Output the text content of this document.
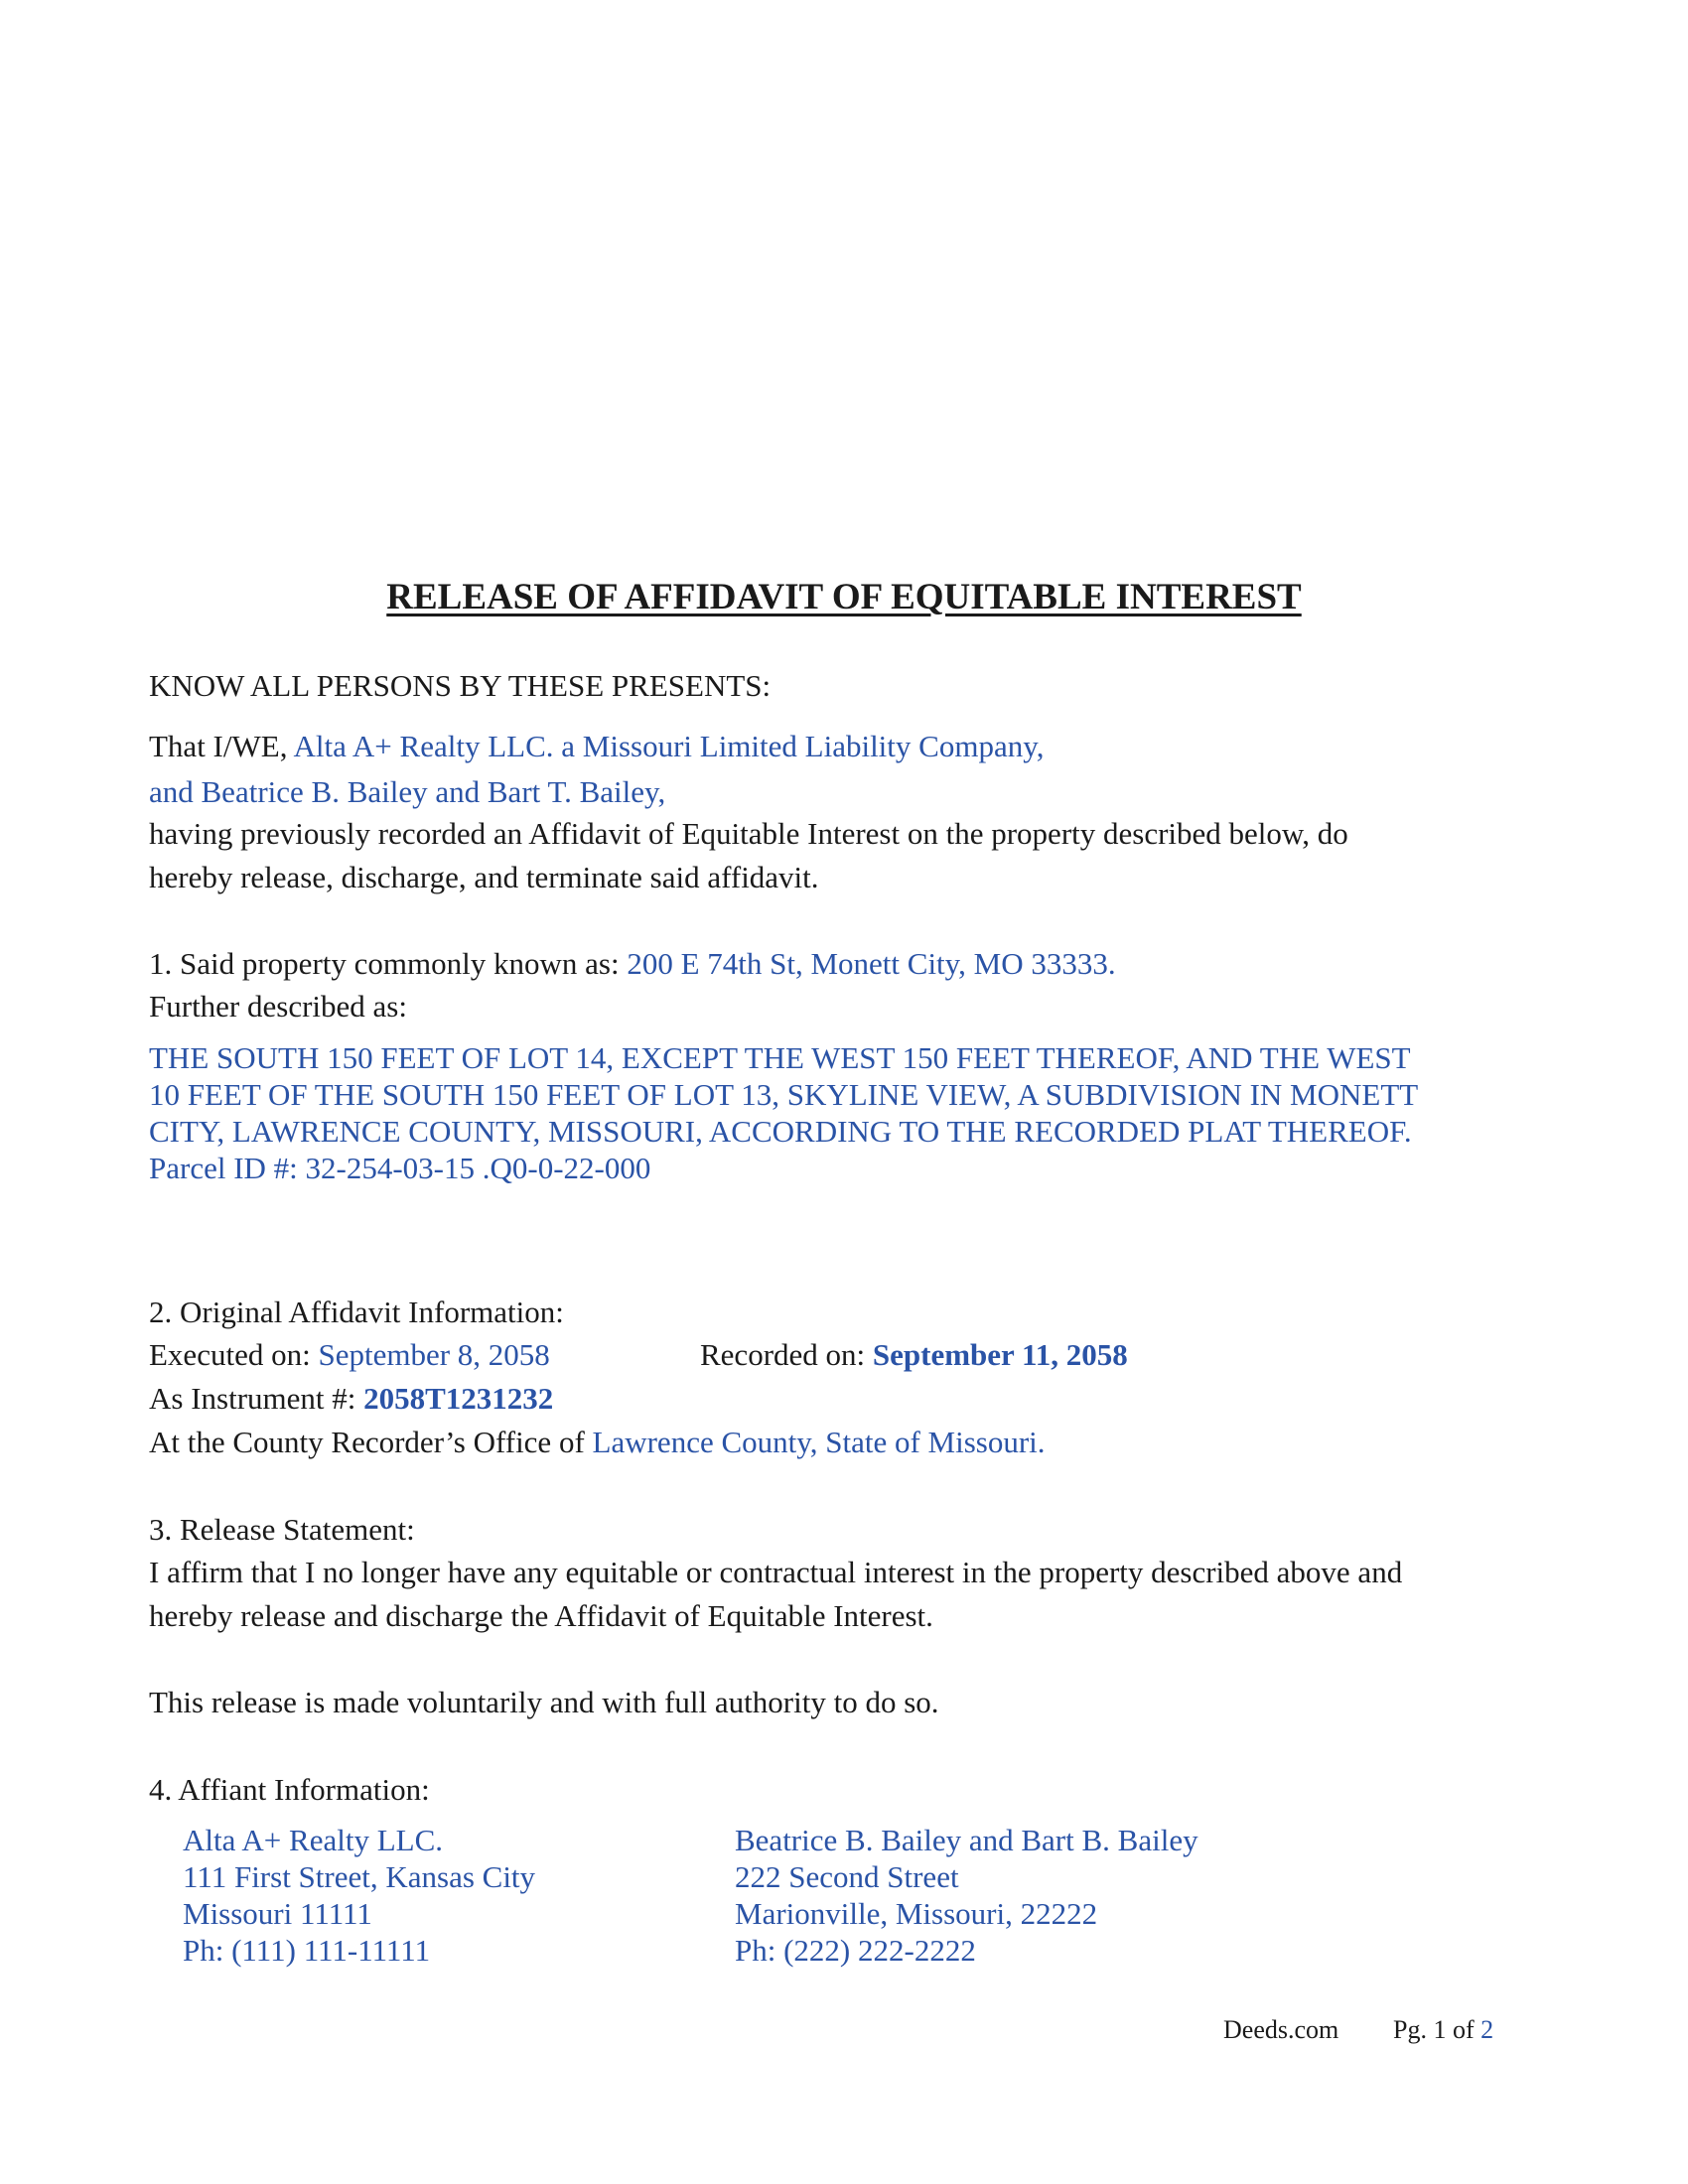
RELEASE OF AFFIDAVIT OF EQUITABLE INTEREST
KNOW ALL PERSONS BY THESE PRESENTS:
That I/WE, Alta A+ Realty LLC. a Missouri Limited Liability Company,
and Beatrice B. Bailey and Bart T. Bailey,
having previously recorded an Affidavit of Equitable Interest on the property described below, do
hereby release, discharge, and terminate said affidavit.
1. Said property commonly known as: 200 E 74th St, Monett City, MO 33333.
Further described as:
THE SOUTH 150 FEET OF LOT 14, EXCEPT THE WEST 150 FEET THEREOF, AND THE WEST
10 FEET OF THE SOUTH 150 FEET OF LOT 13, SKYLINE VIEW, A SUBDIVISION IN MONETT
CITY, LAWRENCE COUNTY, MISSOURI, ACCORDING TO THE RECORDED PLAT THEREOF.
Parcel ID #: 32-254-03-15 .Q0-0-22-000
2. Original Affidavit Information:
Executed on: September 8, 2058	Recorded on: September 11, 2058
As Instrument #: 2058T1231232
At the County Recorder’s Office of Lawrence County, State of Missouri.
3. Release Statement:
I affirm that I no longer have any equitable or contractual interest in the property described above and
hereby release and discharge the Affidavit of Equitable Interest.
This release is made voluntarily and with full authority to do so.
4. Affiant Information:
Alta A+ Realty LLC.
111 First Street, Kansas City
Missouri 11111
Ph: (111) 111-11111
Beatrice B. Bailey and Bart B. Bailey
222 Second Street
Marionville, Missouri, 22222
Ph: (222) 222-2222
Deeds.com Pg. 1 of 2
